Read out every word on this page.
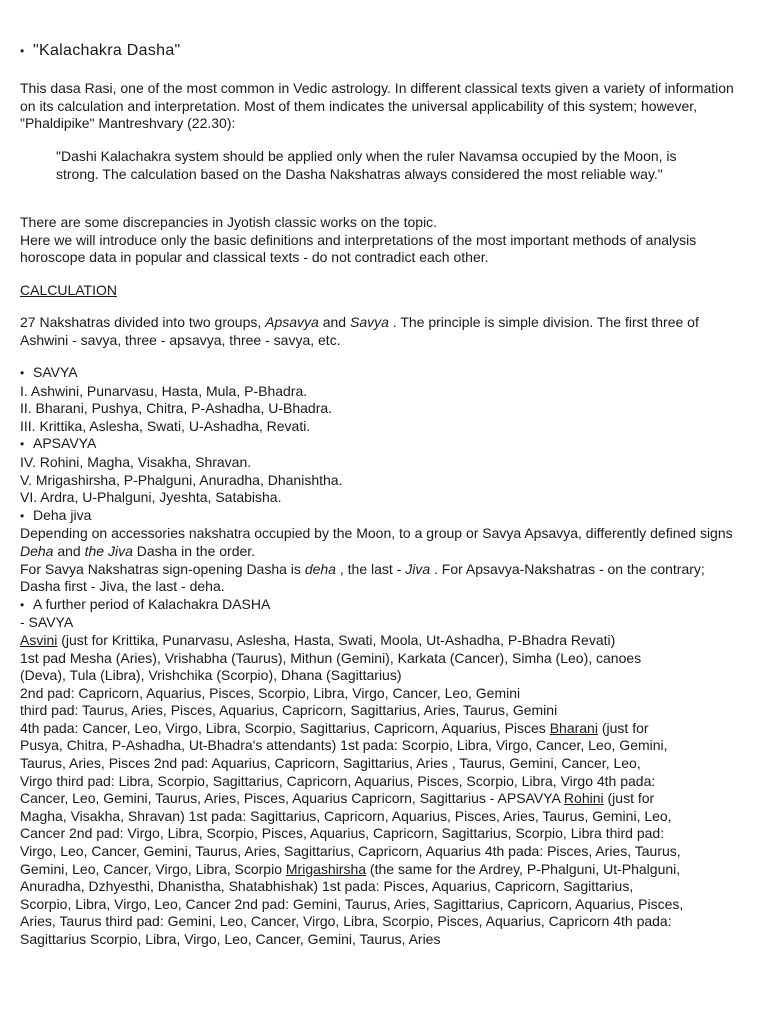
• "Kalachakra Dasha"
This dasa Rasi, one of the most common in Vedic astrology. In different classical texts given a variety of information on its calculation and interpretation. Most of them indicates the universal applicability of this system; however, "Phaldipike" Mantreshvary (22.30):
"Dashi Kalachakra system should be applied only when the ruler Navamsa occupied by the Moon, is strong. The calculation based on the Dasha Nakshatras always considered the most reliable way."
There are some discrepancies in Jyotish classic works on the topic.
Here we will introduce only the basic definitions and interpretations of the most important methods of analysis horoscope data in popular and classical texts - do not contradict each other.
CALCULATION
27 Nakshatras divided into two groups, Apsavya and Savya . The principle is simple division. The first three of Ashwini - savya, three - apsavya, three - savya, etc.
• SAVYA
I. Ashwini, Punarvasu, Hasta, Mula, P-Bhadra.
II. Bharani, Pushya, Chitra, P-Ashadha, U-Bhadra.
III. Krittika, Aslesha, Swati, U-Ashadha, Revati.
• APSAVYA
IV. Rohini, Magha, Visakha, Shravan.
V. Mrigashirsha, P-Phalguni, Anuradha, Dhanishtha.
VI. Ardra, U-Phalguni, Jyeshta, Satabisha.
• Deha jiva
Depending on accessories nakshatra occupied by the Moon, to a group or Savya Apsavya, differently defined signs Deha and the Jiva Dasha in the order.
For Savya Nakshatras sign-opening Dasha is deha , the last - Jiva . For Apsavya-Nakshatras - on the contrary; Dasha first - Jiva, the last - deha.
• A further period of Kalachakra DASHA
- SAVYA
Asvini (just for Krittika, Punarvasu, Aslesha, Hasta, Swati, Moola, Ut-Ashadha, P-Bhadra Revati)
1st pad Mesha (Aries), Vrishabha (Taurus), Mithun (Gemini), Karkata (Cancer), Simha (Leo), canoes
(Deva), Tula (Libra), Vrishchika (Scorpio), Dhana (Sagittarius)
2nd pad: Capricorn, Aquarius, Pisces, Scorpio, Libra, Virgo, Cancer, Leo, Gemini
third pad: Taurus, Aries, Pisces, Aquarius, Capricorn, Sagittarius, Aries, Taurus, Gemini
4th pada: Cancer, Leo, Virgo, Libra, Scorpio, Sagittarius, Capricorn, Aquarius, Pisces Bharani (just for
Pusya, Chitra, P-Ashadha, Ut-Bhadra's attendants) 1st pada: Scorpio, Libra, Virgo, Cancer, Leo, Gemini,
Taurus, Aries, Pisces 2nd pad: Aquarius, Capricorn, Sagittarius, Aries , Taurus, Gemini, Cancer, Leo,
Virgo third pad: Libra, Scorpio, Sagittarius, Capricorn, Aquarius, Pisces, Scorpio, Libra, Virgo 4th pada:
Cancer, Leo, Gemini, Taurus, Aries, Pisces, Aquarius Capricorn, Sagittarius - APSAVYA Rohini (just for
Magha, Visakha, Shravan) 1st pada: Sagittarius, Capricorn, Aquarius, Pisces, Aries, Taurus, Gemini, Leo,
Cancer 2nd pad: Virgo, Libra, Scorpio, Pisces, Aquarius, Capricorn, Sagittarius, Scorpio, Libra third pad:
Virgo, Leo, Cancer, Gemini, Taurus, Aries, Sagittarius, Capricorn, Aquarius 4th pada: Pisces, Aries, Taurus,
Gemini, Leo, Cancer, Virgo, Libra, Scorpio Mrigashirsha (the same for the Ardrey, P-Phalguni, Ut-Phalguni,
Anuradha, Dzhyesthi, Dhanistha, Shatabhishak) 1st pada: Pisces, Aquarius, Capricorn, Sagittarius,
Scorpio, Libra, Virgo, Leo, Cancer 2nd pad: Gemini, Taurus, Aries, Sagittarius, Capricorn, Aquarius, Pisces,
Aries, Taurus third pad: Gemini, Leo, Cancer, Virgo, Libra, Scorpio, Pisces, Aquarius, Capricorn 4th pada:
Sagittarius Scorpio, Libra, Virgo, Leo, Cancer, Gemini, Taurus, Aries
